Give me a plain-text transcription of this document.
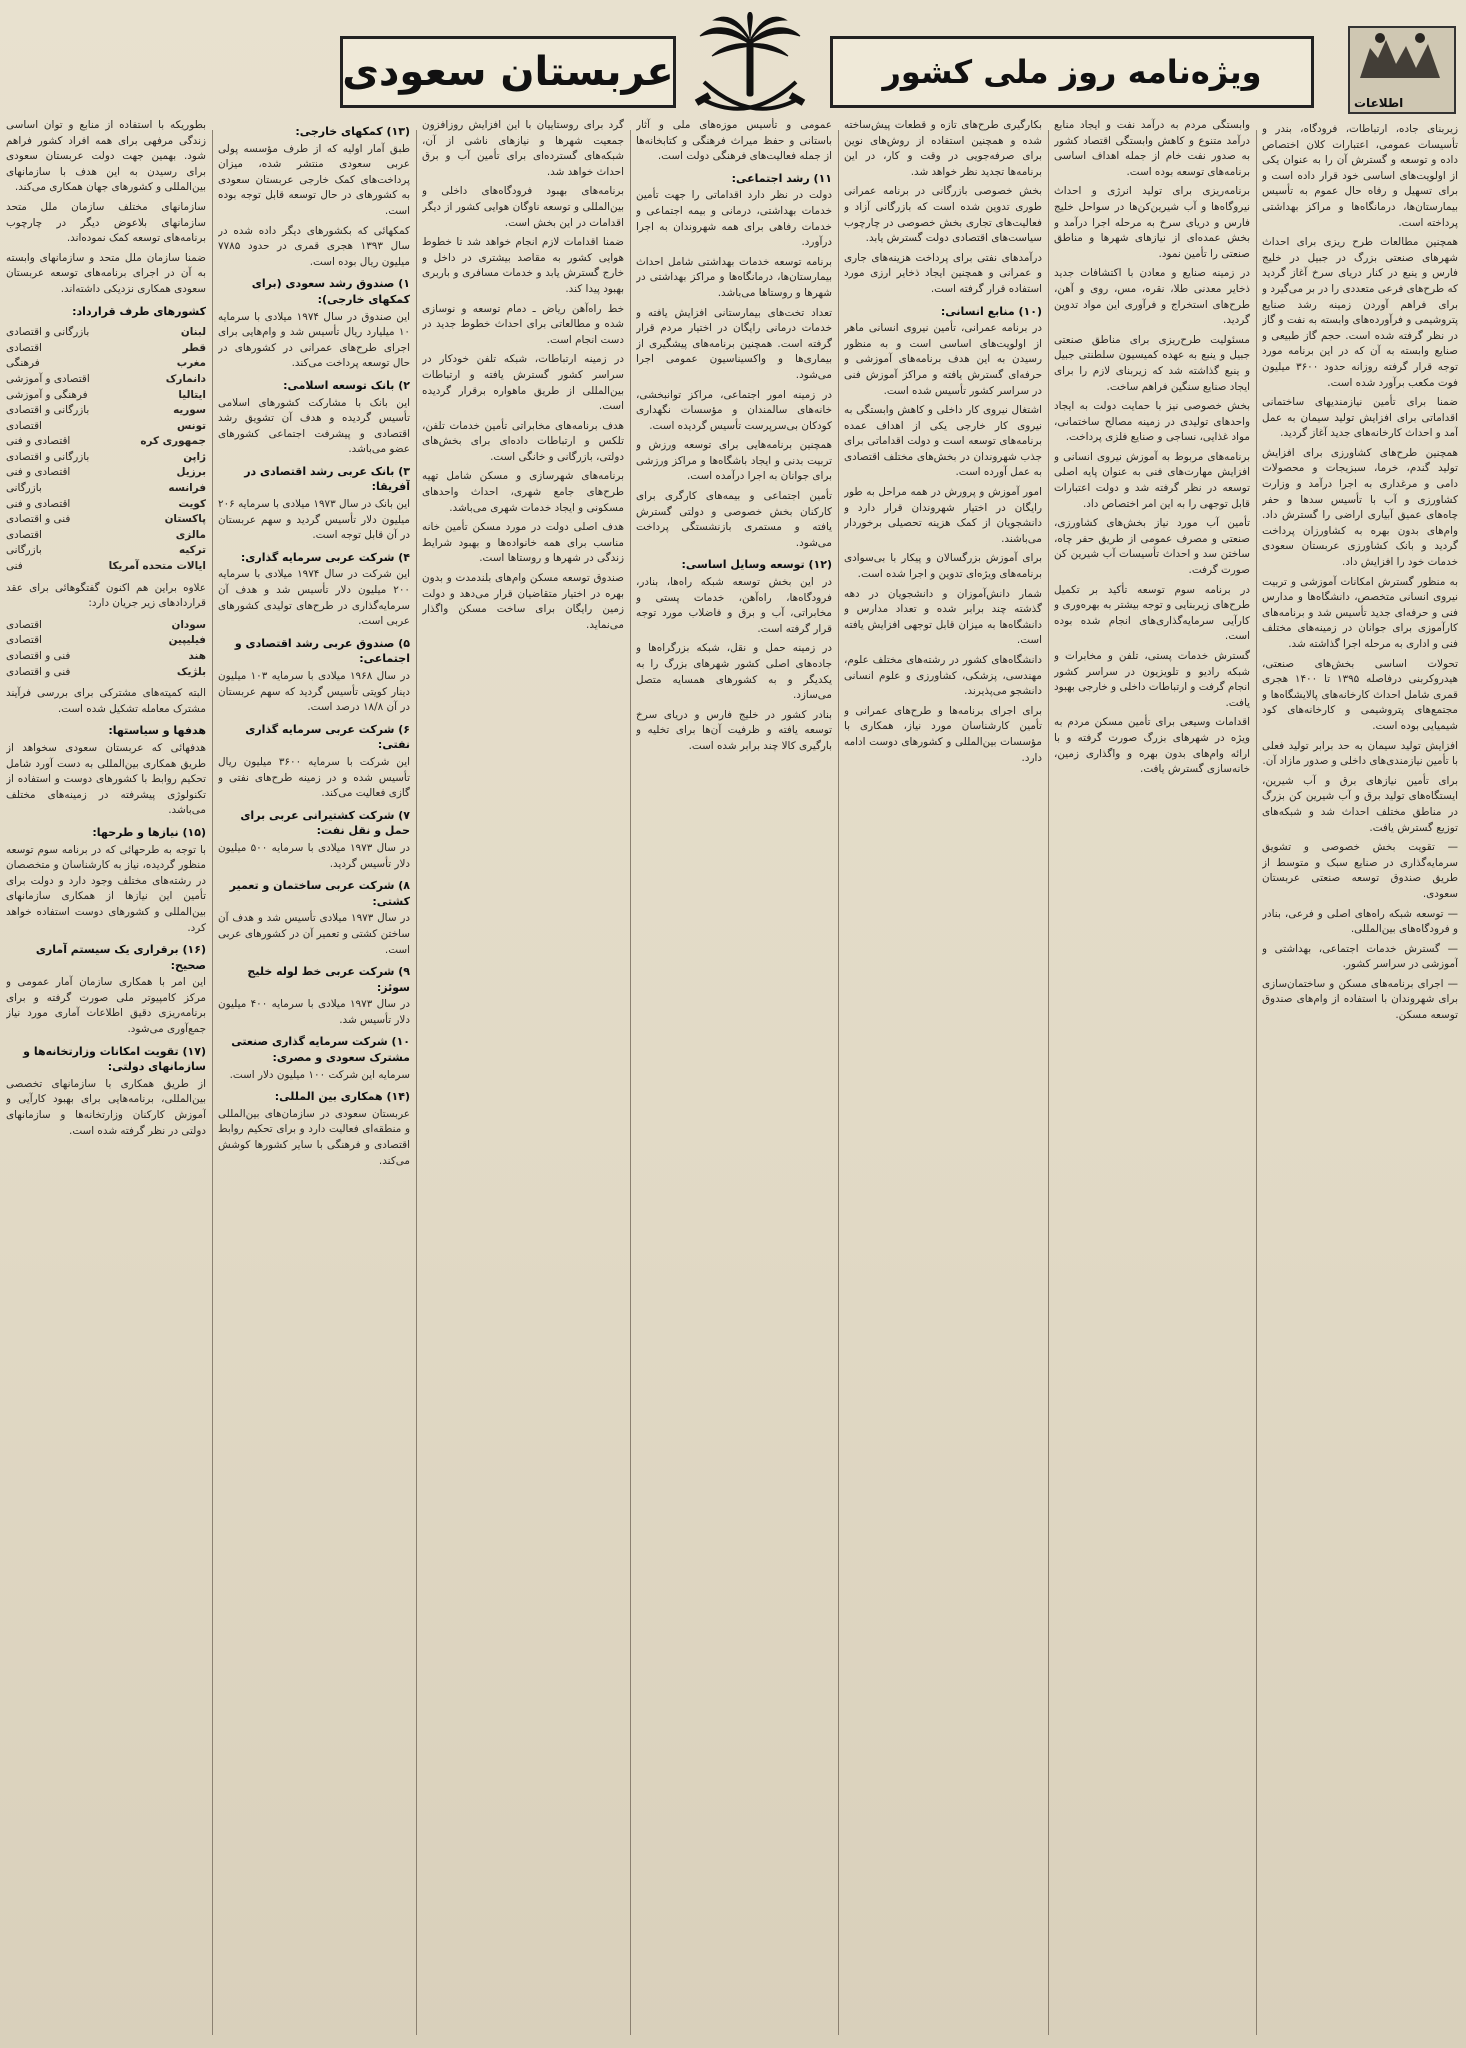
عربستان سعودی	ویژه‌نامه روز ملی کشور
اطلاعات

زیربنای جاده، ارتباطات، فرودگاه، بندر و تأسیسات عمومی، اعتبارات کلان اختصاص داده و توسعه و گسترش آن را به عنوان یکی از اولویت‌های اساسی خود قرار داده است و برای تسهیل و رفاه حال عموم به تأسیس بیمارستان‌ها، درمانگاه‌ها و مراکز بهداشتی پرداخته است.

همچنین مطالعات طرح ریزی برای احداث شهرهای صنعتی بزرگ در جبیل در خلیج فارس و ینبع در کنار دریای سرخ آغاز گردید که طرح‌های فرعی متعددی را در بر می‌گیرد و برای فراهم آوردن زمینه رشد صنایع پتروشیمی و فرآورده‌های وابسته به نفت و گاز در نظر گرفته شده است. حجم گاز طبیعی و صنایع وابسته به آن که در این برنامه مورد توجه قرار گرفته روزانه حدود ۳۶۰۰ میلیون فوت مکعب برآورد شده است.

ضمنا برای تأمین نیازمندیهای ساختمانی اقداماتی برای افزایش تولید سیمان به عمل آمد و احداث کارخانه‌های جدید آغاز گردید.

همچنین طرح‌های کشاورزی برای افزایش تولید گندم، خرما، سبزیجات و محصولات دامی و مرغداری به اجرا درآمد و وزارت کشاورزی و آب با تأسیس سدها و حفر چاه‌های عمیق آبیاری اراضی را گسترش داد. وام‌های بدون بهره به کشاورزان پرداخت گردید و بانک کشاورزی عربستان سعودی خدمات خود را افزایش داد.

به منظور گسترش امکانات آموزشی و تربیت نیروی انسانی متخصص، دانشگاه‌ها و مدارس فنی و حرفه‌ای جدید تأسیس شد و برنامه‌های کارآموزی برای جوانان در زمینه‌های مختلف فنی و اداری به مرحله اجرا گذاشته شد.

تحولات اساسی بخش‌های صنعتی، هیدروکربنی درفاصله ۱۳۹۵ تا ۱۴۰۰ هجری قمری شامل احداث کارخانه‌های پالایشگاه‌ها و مجتمع‌های پتروشیمی و کارخانه‌های کود شیمیایی بوده است.

افزایش تولید سیمان به حد برابر تولید فعلی با تأمین نیازمندی‌های داخلی و صدور مازاد آن.

برای تأمین نیازهای برق و آب شیرین، ایستگاه‌های تولید برق و آب شیرین کن بزرگ در مناطق مختلف احداث شد و شبکه‌های توزیع گسترش یافت.

— تقویت بخش خصوصی و تشویق سرمایه‌گذاری در صنایع سبک و متوسط از طریق صندوق توسعه صنعتی عربستان سعودی.

— توسعه شبکه راه‌های اصلی و فرعی، بنادر و فرودگاه‌های بین‌المللی.

— گسترش خدمات اجتماعی، بهداشتی و آموزشی در سراسر کشور.

— اجرای برنامه‌های مسکن و ساختمان‌سازی برای شهروندان با استفاده از وام‌های صندوق توسعه مسکن.

وابستگی مردم به درآمد نفت و ایجاد منابع درآمد متنوع و کاهش وابستگی اقتصاد کشور به صدور نفت خام از جمله اهداف اساسی برنامه‌های توسعه بوده است.

برنامه‌ریزی برای تولید انرژی و احداث نیروگاه‌ها و آب شیرین‌کن‌ها در سواحل خلیج فارس و دریای سرخ به مرحله اجرا درآمد و بخش عمده‌ای از نیازهای شهرها و مناطق صنعتی را تأمین نمود.

در زمینه صنایع و معادن با اکتشافات جدید ذخایر معدنی طلا، نقره، مس، روی و آهن، طرح‌های استخراج و فرآوری این مواد تدوین گردید.

مسئولیت طرح‌ریزی برای مناطق صنعتی جبیل و ینبع به عهده کمیسیون سلطنتی جبیل و ینبع گذاشته شد که زیربنای لازم را برای ایجاد صنایع سنگین فراهم ساخت.

بخش خصوصی نیز با حمایت دولت به ایجاد واحدهای تولیدی در زمینه مصالح ساختمانی، مواد غذایی، نساجی و صنایع فلزی پرداخت.

برنامه‌های مربوط به آموزش نیروی انسانی و افزایش مهارت‌های فنی به عنوان پایه اصلی توسعه در نظر گرفته شد و دولت اعتبارات قابل توجهی را به این امر اختصاص داد.

تأمین آب مورد نیاز بخش‌های کشاورزی، صنعتی و مصرف عمومی از طریق حفر چاه، ساختن سد و احداث تأسیسات آب شیرین کن صورت گرفت.

در برنامه سوم توسعه تأکید بر تکمیل طرح‌های زیربنایی و توجه بیشتر به بهره‌وری و کارآیی سرمایه‌گذاری‌های انجام شده بوده است.

گسترش خدمات پستی، تلفن و مخابرات و شبکه رادیو و تلویزیون در سراسر کشور انجام گرفت و ارتباطات داخلی و خارجی بهبود یافت.

اقدامات وسیعی برای تأمین مسکن مردم به ویژه در شهرهای بزرگ صورت گرفته و با ارائه وام‌های بدون بهره و واگذاری زمین، خانه‌سازی گسترش یافت.

بکارگیری طرح‌های تازه و قطعات پیش‌ساخته شده و همچنین استفاده از روش‌های نوین برای صرفه‌جویی در وقت و کار، در این برنامه‌ها تجدید نظر خواهد شد.

بخش خصوصی بازرگانی در برنامه عمرانی طوری تدوین شده است که بازرگانی آزاد و فعالیت‌های تجاری بخش خصوصی در چارچوب سیاست‌های اقتصادی دولت گسترش یابد.

درآمدهای نفتی برای پرداخت هزینه‌های جاری و عمرانی و همچنین ایجاد ذخایر ارزی مورد استفاده قرار گرفته است.

(۱۰) منابع انسانی:

در برنامه عمرانی، تأمین نیروی انسانی ماهر از اولویت‌های اساسی است و به منظور رسیدن به این هدف برنامه‌های آموزشی و حرفه‌ای گسترش یافته و مراکز آموزش فنی در سراسر کشور تأسیس شده است.

اشتغال نیروی کار داخلی و کاهش وابستگی به نیروی کار خارجی یکی از اهداف عمده برنامه‌های توسعه است و دولت اقداماتی برای جذب شهروندان در بخش‌های مختلف اقتصادی به عمل آورده است.

امور آموزش و پرورش در همه مراحل به طور رایگان در اختیار شهروندان قرار دارد و دانشجویان از کمک هزینه تحصیلی برخوردار می‌باشند.

برای آموزش بزرگسالان و پیکار با بی‌سوادی برنامه‌های ویژه‌ای تدوین و اجرا شده است.

شمار دانش‌آموزان و دانشجویان در دهه گذشته چند برابر شده و تعداد مدارس و دانشگاه‌ها به میزان قابل توجهی افزایش یافته است.

دانشگاه‌های کشور در رشته‌های مختلف علوم، مهندسی، پزشکی، کشاورزی و علوم انسانی دانشجو می‌پذیرند.

برای اجرای برنامه‌ها و طرح‌های عمرانی و تأمین کارشناسان مورد نیاز، همکاری با مؤسسات بین‌المللی و کشورهای دوست ادامه دارد.

عمومی و تأسیس موزه‌های ملی و آثار باستانی و حفظ میراث فرهنگی و کتابخانه‌ها از جمله فعالیت‌های فرهنگی دولت است.

۱۱) رشد اجتماعی:

دولت در نظر دارد اقداماتی را جهت تأمین خدمات بهداشتی، درمانی و بیمه اجتماعی و خدمات رفاهی برای همه شهروندان به اجرا درآورد.

برنامه توسعه خدمات بهداشتی شامل احداث بیمارستان‌ها، درمانگاه‌ها و مراکز بهداشتی در شهرها و روستاها می‌باشد.

تعداد تخت‌های بیمارستانی افزایش یافته و خدمات درمانی رایگان در اختیار مردم قرار گرفته است. همچنین برنامه‌های پیشگیری از بیماری‌ها و واکسیناسیون عمومی اجرا می‌شود.

در زمینه امور اجتماعی، مراکز توانبخشی، خانه‌های سالمندان و مؤسسات نگهداری کودکان بی‌سرپرست تأسیس گردیده است.

همچنین برنامه‌هایی برای توسعه ورزش و تربیت بدنی و ایجاد باشگاه‌ها و مراکز ورزشی برای جوانان به اجرا درآمده است.

تأمین اجتماعی و بیمه‌های کارگری برای کارکنان بخش خصوصی و دولتی گسترش یافته و مستمری بازنشستگی پرداخت می‌شود.

(۱۲) توسعه وسایل اساسی:

در این بخش توسعه شبکه راه‌ها، بنادر، فرودگاه‌ها، راه‌آهن، خدمات پستی و مخابراتی، آب و برق و فاضلاب مورد توجه قرار گرفته است.

در زمینه حمل و نقل، شبکه بزرگراه‌ها و جاده‌های اصلی کشور شهرهای بزرگ را به یکدیگر و به کشورهای همسایه متصل می‌سازد.

بنادر کشور در خلیج فارس و دریای سرخ توسعه یافته و ظرفیت آن‌ها برای تخلیه و بارگیری کالا چند برابر شده است.

گرد برای روستاییان با این افزایش روزافزون جمعیت شهرها و نیازهای ناشی از آن، شبکه‌های گسترده‌ای برای تأمین آب و برق احداث خواهد شد.

برنامه‌های بهبود فرودگاه‌های داخلی و بین‌المللی و توسعه ناوگان هوایی کشور از دیگر اقدامات در این بخش است.

ضمنا اقدامات لازم انجام خواهد شد تا خطوط هوایی کشور به مقاصد بیشتری در داخل و خارج گسترش یابد و خدمات مسافری و باربری بهبود پیدا کند.

خط راه‌آهن ریاض ـ دمام توسعه و نوسازی شده و مطالعاتی برای احداث خطوط جدید در دست انجام است.

در زمینه ارتباطات، شبکه تلفن خودکار در سراسر کشور گسترش یافته و ارتباطات بین‌المللی از طریق ماهواره برقرار گردیده است.

هدف برنامه‌های مخابراتی تأمین خدمات تلفن، تلکس و ارتباطات داده‌ای برای بخش‌های دولتی، بازرگانی و خانگی است.

برنامه‌های شهرسازی و مسکن شامل تهیه طرح‌های جامع شهری، احداث واحدهای مسکونی و ایجاد خدمات شهری می‌باشد.

هدف اصلی دولت در مورد مسکن تأمین خانه مناسب برای همه خانواده‌ها و بهبود شرایط زندگی در شهرها و روستاها است.

صندوق توسعه مسکن وام‌های بلندمدت و بدون بهره در اختیار متقاضیان قرار می‌دهد و دولت زمین رایگان برای ساخت مسکن واگذار می‌نماید.

(۱۳) کمکهای خارجی:

طبق آمار اولیه که از طرف مؤسسه پولی عربی سعودی منتشر شده، میزان پرداخت‌های کمک خارجی عربستان سعودی به کشورهای در حال توسعه قابل توجه بوده است.

کمکهائی که بکشورهای دیگر داده شده در سال ۱۳۹۳ هجری قمری در حدود ۷۷۸۵ میلیون ریال بوده است.

۱) صندوق رشد سعودی (برای کمکهای خارجی):

این صندوق در سال ۱۹۷۴ میلادی با سرمایه ۱۰ میلیارد ریال تأسیس شد و وام‌هایی برای اجرای طرح‌های عمرانی در کشورهای در حال توسعه پرداخت می‌کند.

۲) بانک توسعه اسلامی:

این بانک با مشارکت کشورهای اسلامی تأسیس گردیده و هدف آن تشویق رشد اقتصادی و پیشرفت اجتماعی کشورهای عضو می‌باشد.

۳) بانک عربی رشد اقتصادی در آفریقا:

این بانک در سال ۱۹۷۳ میلادی با سرمایه ۲۰۶ میلیون دلار تأسیس گردید و سهم عربستان در آن قابل توجه است.

۴) شرکت عربی سرمایه گذاری:

این شرکت در سال ۱۹۷۴ میلادی با سرمایه ۲۰۰ میلیون دلار تأسیس شد و هدف آن سرمایه‌گذاری در طرح‌های تولیدی کشورهای عربی است.

۵) صندوق عربی رشد اقتصادی و اجتماعی:

در سال ۱۹۶۸ میلادی با سرمایه ۱۰۳ میلیون دینار کویتی تأسیس گردید که سهم عربستان در آن ۱۸/۸ درصد است.

۶) شرکت عربی سرمایه گذاری نفتی:

این شرکت با سرمایه ۳۶۰۰ میلیون ریال تأسیس شده و در زمینه طرح‌های نفتی و گازی فعالیت می‌کند.

۷) شرکت کشتیرانی عربی برای حمل و نقل نفت:

در سال ۱۹۷۳ میلادی با سرمایه ۵۰۰ میلیون دلار تأسیس گردید.

۸) شرکت عربی ساختمان و تعمیر کشتی:

در سال ۱۹۷۳ میلادی تأسیس شد و هدف آن ساختن کشتی و تعمیر آن در کشورهای عربی است.

۹) شرکت عربی خط لوله خلیج سوئز:

در سال ۱۹۷۳ میلادی با سرمایه ۴۰۰ میلیون دلار تأسیس شد.

۱۰) شرکت سرمایه گذاری صنعتی مشترک سعودی و مصری:

سرمایه این شرکت ۱۰۰ میلیون دلار است.

(۱۴) همکاری بین المللی:

عربستان سعودی در سازمان‌های بین‌المللی و منطقه‌ای فعالیت دارد و برای تحکیم روابط اقتصادی و فرهنگی با سایر کشورها کوشش می‌کند.

بطوریکه با استفاده از منابع و توان اساسی زندگی مرفهی برای همه افراد کشور فراهم شود. بهمین جهت دولت عربستان سعودی برای رسیدن به این هدف با سازمانهای بین‌المللی و کشورهای جهان همکاری می‌کند.

سازمانهای مختلف سازمان ملل متحد سازمانهای بلاعوض دیگر در چارچوب برنامه‌های توسعه کمک نموده‌اند.

ضمنا سازمان ملل متحد و سازمانهای وابسته به آن در اجرای برنامه‌های توسعه عربستان سعودی همکاری نزدیکی داشته‌اند.

کشورهای طرف قرارداد:

لبنان
بازرگانی و اقتصادی
قطر
اقتصادی
مغرب
فرهنگی
دانمارک
اقتصادی و آموزشی
ایتالیا
فرهنگی و آموزشی
سوریه
بازرگانی و اقتصادی
تونس
اقتصادی
جمهوری کره
اقتصادی و فنی
ژاپن
بازرگانی و اقتصادی
برزیل
اقتصادی و فنی
فرانسه
بازرگانی
کویت
اقتصادی و فنی
پاکستان
فنی و اقتصادی
مالزی
اقتصادی
ترکیه
بازرگانی
ایالات متحده آمریکا
فنی

علاوه براین هم اکنون گفتگوهائی برای عقد قراردادهای زیر جریان دارد:

سودان
اقتصادی
فیلیپین
اقتصادی
هند
فنی و اقتصادی
بلژیک
فنی و اقتصادی

البته کمیته‌های مشترکی برای بررسی فرآیند مشترک معامله تشکیل شده است.

هدفها و سیاستها:

هدفهائی که عربستان سعودی سخواهد از طریق همکاری بین‌المللی به دست آورد شامل تحکیم روابط با کشورهای دوست و استفاده از تکنولوژی پیشرفته در زمینه‌های مختلف می‌باشد.

(۱۵) نیازها و طرحها:

با توجه به طرحهائی که در برنامه سوم توسعه منظور گردیده، نیاز به کارشناسان و متخصصان در رشته‌های مختلف وجود دارد و دولت برای تأمین این نیازها از همکاری سازمانهای بین‌المللی و کشورهای دوست استفاده خواهد کرد.

(۱۶) برقراری یک سیستم آماری صحیح:

این امر با همکاری سازمان آمار عمومی و مرکز کامپیوتر ملی صورت گرفته و برای برنامه‌ریزی دقیق اطلاعات آماری مورد نیاز جمع‌آوری می‌شود.

(۱۷) تقویت امکانات وزارتخانه‌ها و سازمانهای دولتی:

از طریق همکاری با سازمانهای تخصصی بین‌المللی، برنامه‌هایی برای بهبود کارآیی و آموزش کارکنان وزارتخانه‌ها و سازمانهای دولتی در نظر گرفته شده است.
